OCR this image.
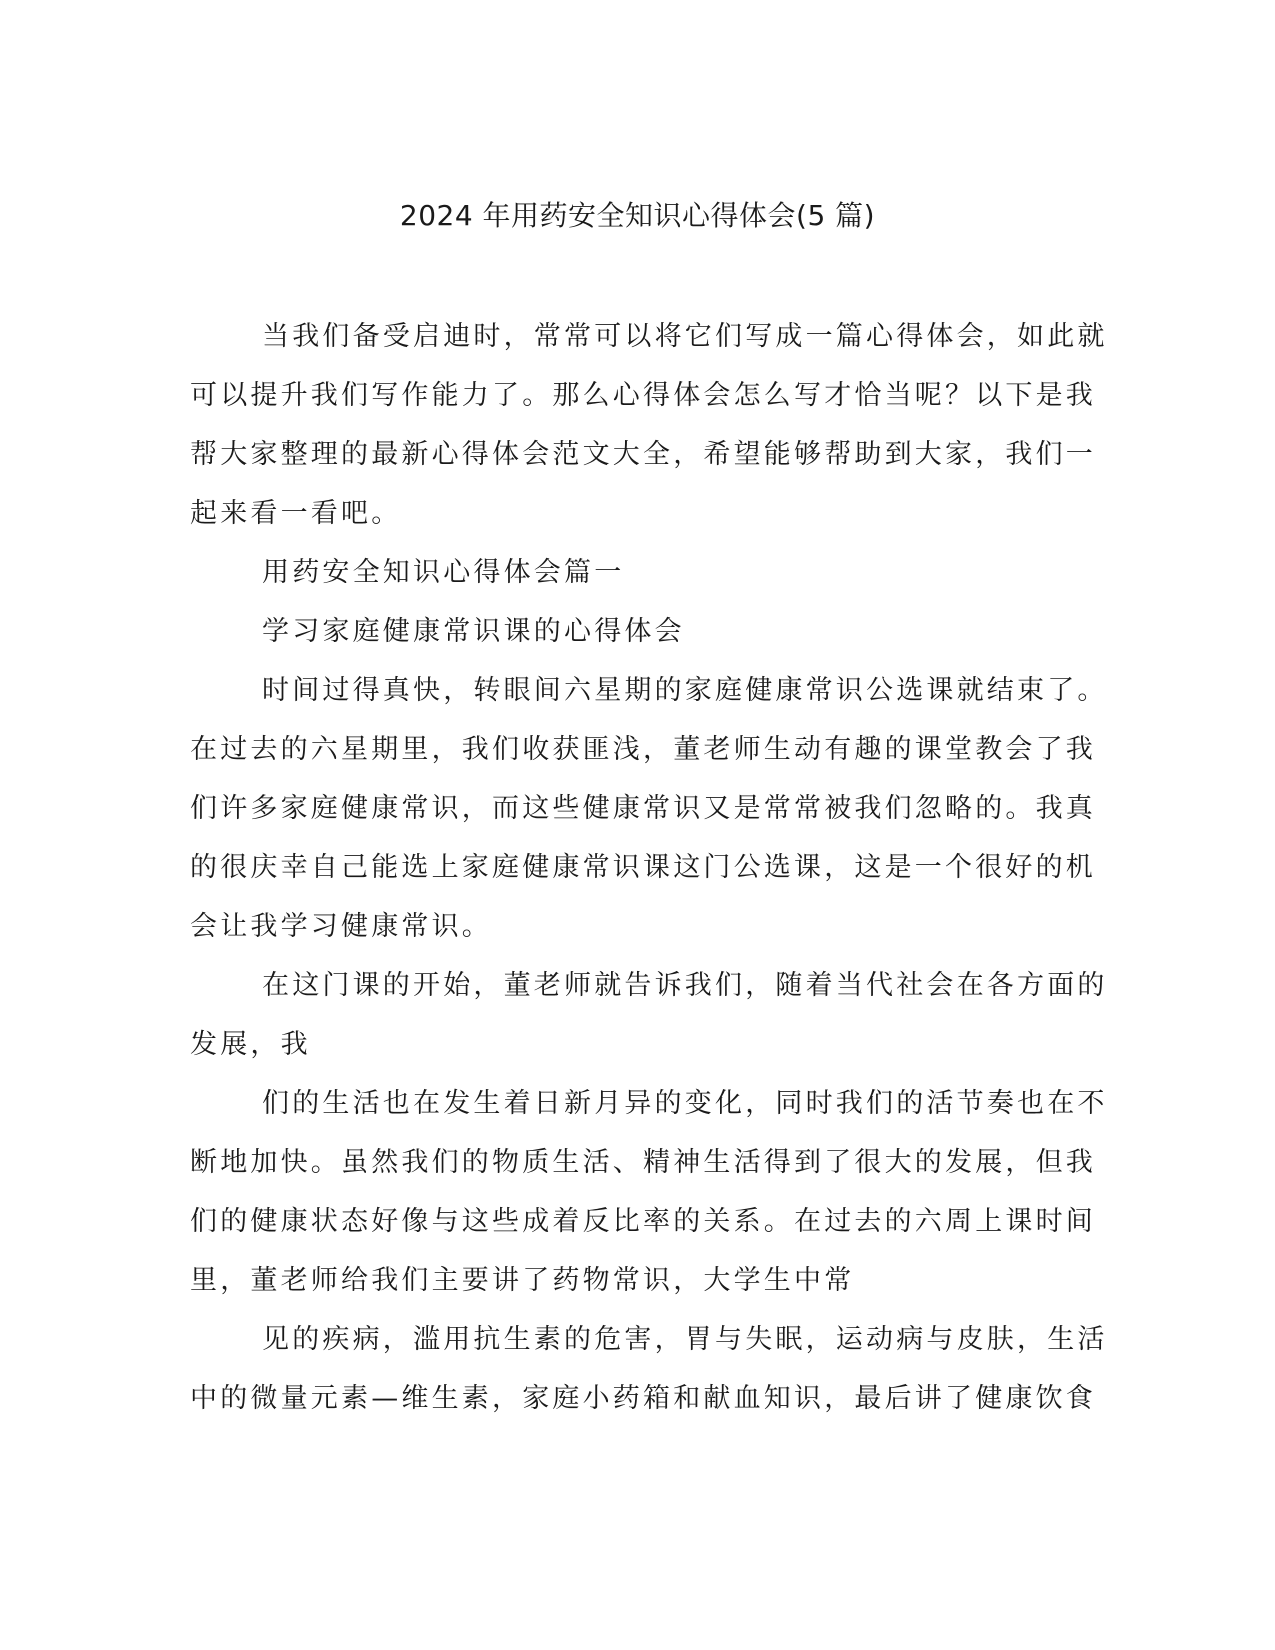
2024 年用药安全知识心得体会(5 篇)
当我们备受启迪时，常常可以将它们写成一篇心得体会，如此就
可以提升我们写作能力了。那么心得体会怎么写才恰当呢？以下是我
帮大家整理的最新心得体会范文大全，希望能够帮助到大家，我们一
起来看一看吧。
用药安全知识心得体会篇一
学习家庭健康常识课的心得体会
时间过得真快，转眼间六星期的家庭健康常识公选课就结束了。
在过去的六星期里，我们收获匪浅，董老师生动有趣的课堂教会了我
们许多家庭健康常识，而这些健康常识又是常常被我们忽略的。我真
的很庆幸自己能选上家庭健康常识课这门公选课，这是一个很好的机
会让我学习健康常识。
在这门课的开始，董老师就告诉我们，随着当代社会在各方面的
发展，我
们的生活也在发生着日新月异的变化，同时我们的活节奏也在不
断地加快。虽然我们的物质生活、精神生活得到了很大的发展，但我
们的健康状态好像与这些成着反比率的关系。在过去的六周上课时间
里，董老师给我们主要讲了药物常识，大学生中常
见的疾病，滥用抗生素的危害，胃与失眠，运动病与皮肤，生活
中的微量元素—维生素，家庭小药箱和献血知识，最后讲了健康饮食
